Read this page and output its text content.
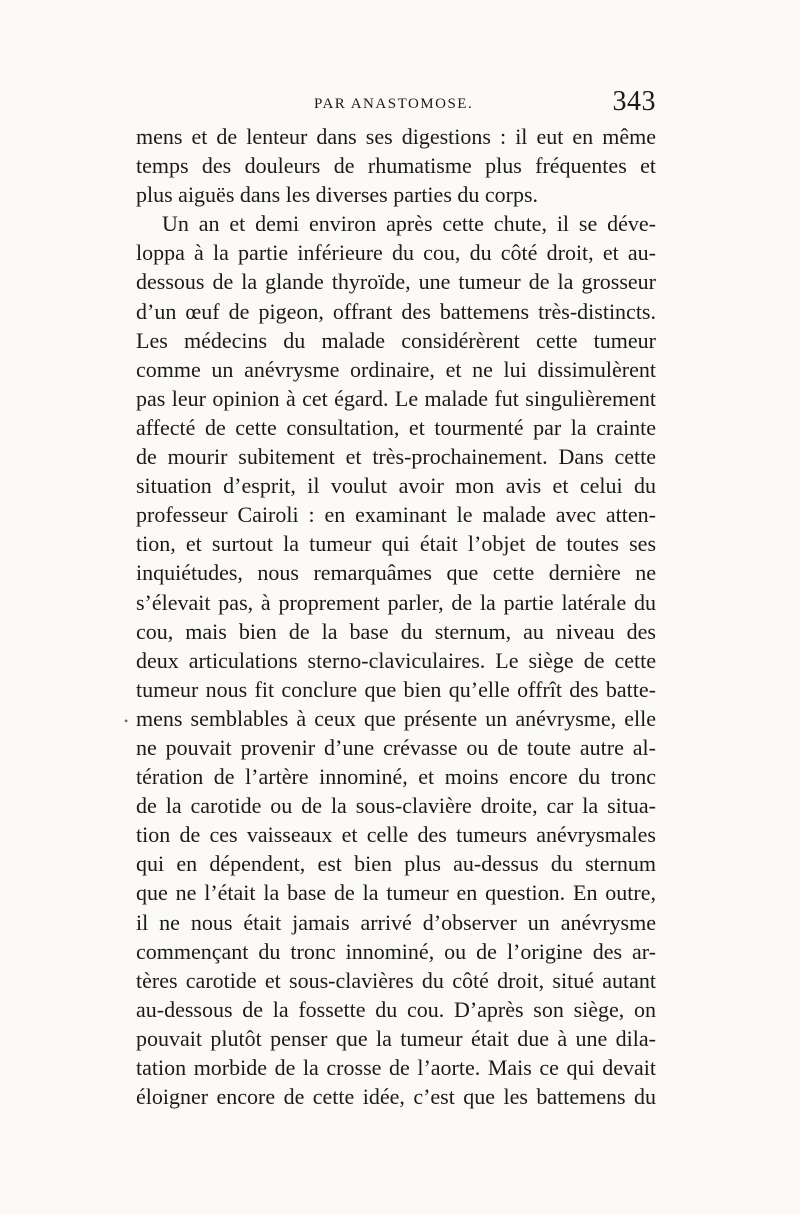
PAR ANASTOMOSE.	343
•
mens et de lenteur dans ses digestions : il eut en même
temps des douleurs de rhumatisme plus fréquentes et
plus aiguës dans les diverses parties du corps.
Un an et demi environ après cette chute, il se déve-
loppa à la partie inférieure du cou, du côté droit, et au-
dessous de la glande thyroïde, une tumeur de la grosseur
d’un œuf de pigeon, offrant des battemens très-distincts.
Les médecins du malade considérèrent cette tumeur
comme un anévrysme ordinaire, et ne lui dissimulèrent
pas leur opinion à cet égard. Le malade fut singulièrement
affecté de cette consultation, et tourmenté par la crainte
de mourir subitement et très-prochainement. Dans cette
situation d’esprit, il voulut avoir mon avis et celui du
professeur Cairoli : en examinant le malade avec atten-
tion, et surtout la tumeur qui était l’objet de toutes ses
inquiétudes, nous remarquâmes que cette dernière ne
s’élevait pas, à proprement parler, de la partie latérale du
cou, mais bien de la base du sternum, au niveau des
deux articulations sterno-claviculaires. Le siège de cette
tumeur nous fit conclure que bien qu’elle offrît des batte-
mens semblables à ceux que présente un anévrysme, elle
ne pouvait provenir d’une crévasse ou de toute autre al-
tération de l’artère innominé, et moins encore du tronc
de la carotide ou de la sous-clavière droite, car la situa-
tion de ces vaisseaux et celle des tumeurs anévrysmales
qui en dépendent, est bien plus au-dessus du sternum
que ne l’était la base de la tumeur en question. En outre,
il ne nous était jamais arrivé d’observer un anévrysme
commençant du tronc innominé, ou de l’origine des ar-
tères carotide et sous-clavières du côté droit, situé autant
au-dessous de la fossette du cou. D’après son siège, on
pouvait plutôt penser que la tumeur était due à une dila-
tation morbide de la crosse de l’aorte. Mais ce qui devait
éloigner encore de cette idée, c’est que les battemens du
